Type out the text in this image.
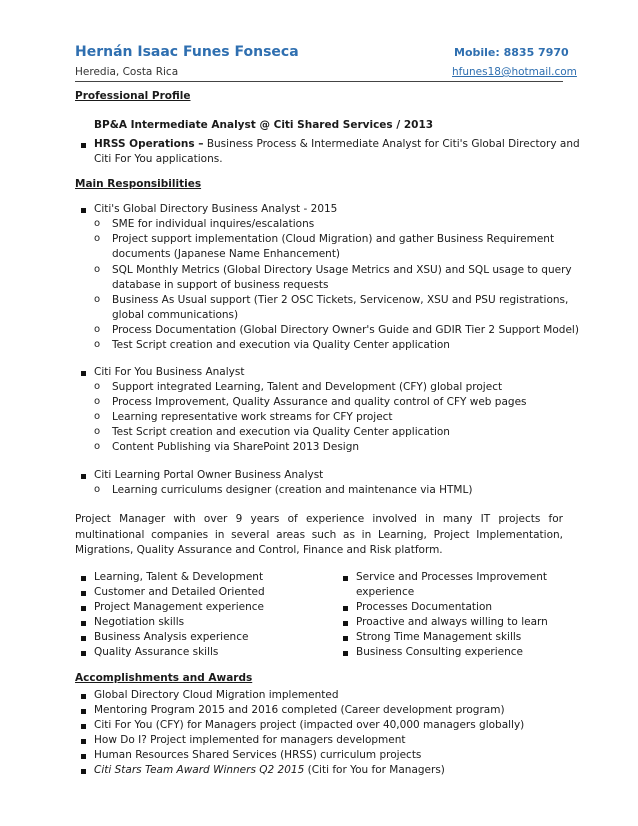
Hernán Isaac Funes Fonseca	Mobile: 8835 7970
Heredia, Costa Rica	hfunes18@hotmail.com
Professional Profile
BP&A Intermediate Analyst @ Citi Shared Services / 2013
HRSS Operations – Business Process & Intermediate Analyst for Citi's Global Directory and
Citi For You applications.
Main Responsibilities
Citi's Global Directory Business Analyst - 2015
o SME for individual inquires/escalations
o Project support implementation (Cloud Migration) and gather Business Requirement
documents (Japanese Name Enhancement)
o SQL Monthly Metrics (Global Directory Usage Metrics and XSU) and SQL usage to query
database in support of business requests
o Business As Usual support (Tier 2 OSC Tickets, Servicenow, XSU and PSU registrations,
global communications)
o Process Documentation (Global Directory Owner's Guide and GDIR Tier 2 Support Model)
o Test Script creation and execution via Quality Center application
Citi For You Business Analyst
o Support integrated Learning, Talent and Development (CFY) global project
o Process Improvement, Quality Assurance and quality control of CFY web pages
o Learning representative work streams for CFY project
o Test Script creation and execution via Quality Center application
o Content Publishing via SharePoint 2013 Design
Citi Learning Portal Owner Business Analyst
o Learning curriculums designer (creation and maintenance via HTML)
Project Manager with over 9 years of experience involved in many IT projects for multinational companies in several areas such as in Learning, Project Implementation, Migrations, Quality Assurance and Control, Finance and Risk platform.
Learning, Talent & Development
Customer and Detailed Oriented
Project Management experience
Negotiation skills
Business Analysis experience
Quality Assurance skills
Service and Processes Improvement
experience
Processes Documentation
Proactive and always willing to learn
Strong Time Management skills
Business Consulting experience
Accomplishments and Awards
Global Directory Cloud Migration implemented
Mentoring Program 2015 and 2016 completed (Career development program)
Citi For You (CFY) for Managers project (impacted over 40,000 managers globally)
How Do I? Project implemented for managers development
Human Resources Shared Services (HRSS) curriculum projects
Citi Stars Team Award Winners Q2 2015 (Citi for You for Managers)
